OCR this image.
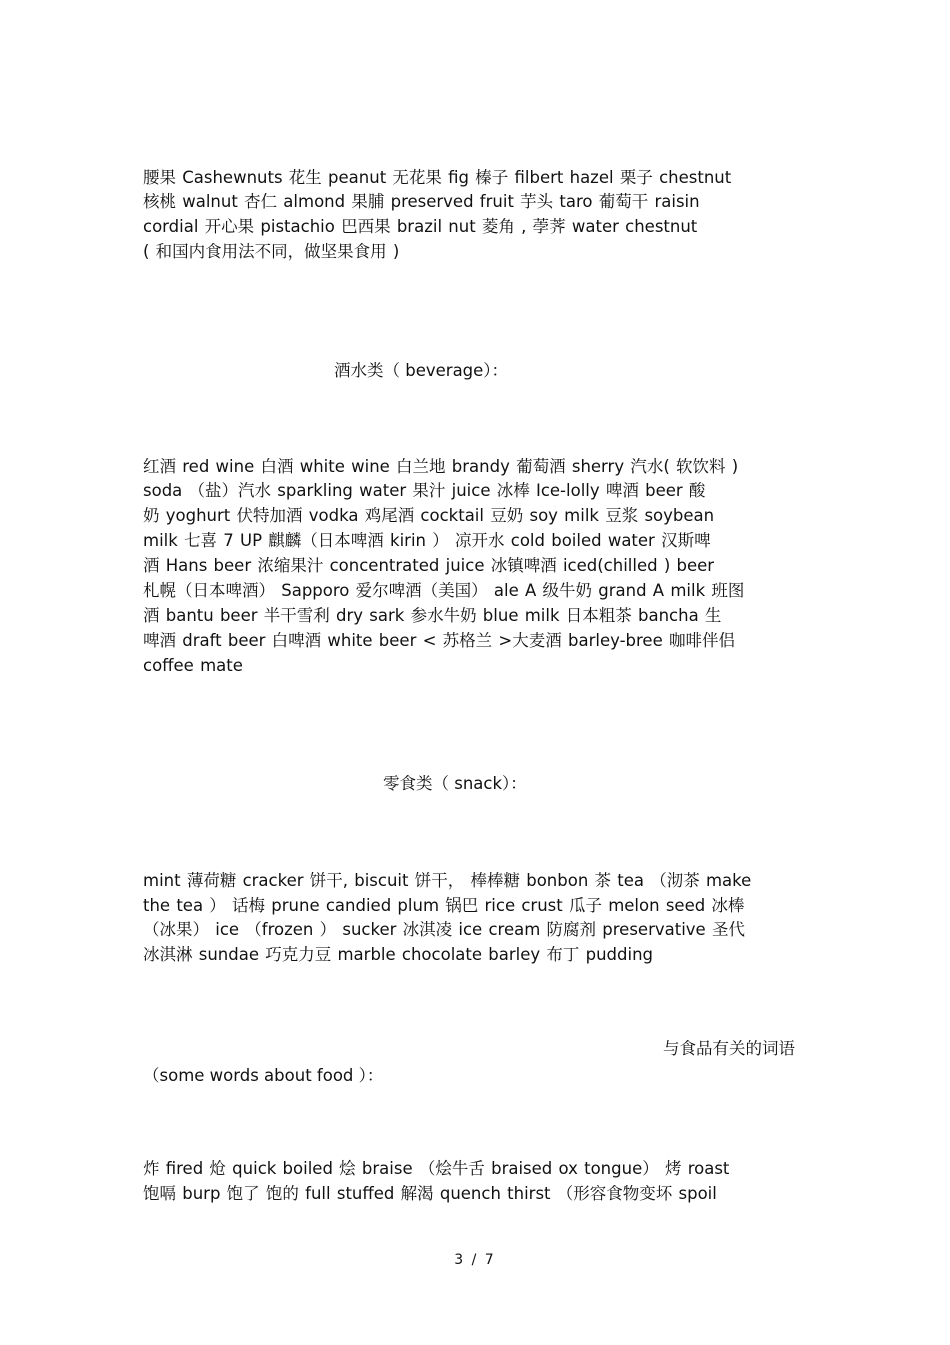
腰果 Cashewnuts 花生 peanut 无花果 fig 榛子 filbert hazel 栗子 chestnut
核桃 walnut 杏仁 almond 果脯 preserved fruit 芋头 taro 葡萄干 raisin
cordial 开心果 pistachio 巴西果 brazil nut 菱角 , 荸荠 water chestnut
( 和国内食用法不同，做坚果食用 )
酒水类（ beverage）：
红酒 red wine 白酒 white wine 白兰地 brandy 葡萄酒 sherry 汽水( 软饮料 )
soda （盐）汽水 sparkling water 果汁 juice 冰棒 Ice-lolly 啤酒 beer 酸
奶 yoghurt 伏特加酒 vodka 鸡尾酒 cocktail 豆奶 soy milk 豆浆 soybean
milk 七喜 7 UP 麒麟（日本啤酒 kirin ） 凉开水 cold boiled water 汉斯啤
酒 Hans beer 浓缩果汁 concentrated juice 冰镇啤酒 iced(chilled ) beer
札幌（日本啤酒） Sapporo 爱尔啤酒（美国） ale A 级牛奶 grand A milk 班图
酒 bantu beer 半干雪利 dry sark 参水牛奶 blue milk 日本粗茶 bancha 生
啤酒 draft beer 白啤酒 white beer < 苏格兰 >大麦酒 barley-bree 咖啡伴侣
coffee mate
零食类（ snack）：
mint 薄荷糖 cracker 饼干, biscuit 饼干， 棒棒糖 bonbon 茶 tea （沏茶 make
the tea ） 话梅 prune candied plum 锅巴 rice crust 瓜子 melon seed 冰棒
（冰果） ice （frozen ） sucker 冰淇凌 ice cream 防腐剂 preservative 圣代
冰淇淋 sundae 巧克力豆 marble chocolate barley 布丁 pudding
与食品有关的词语
（some words about food ）：
炸 fired 炝 quick boiled 烩 braise （烩牛舌 braised ox tongue） 烤 roast
饱嗝 burp 饱了 饱的 full stuffed 解渴 quench thirst （形容食物变坏 spoil
3 / 7
